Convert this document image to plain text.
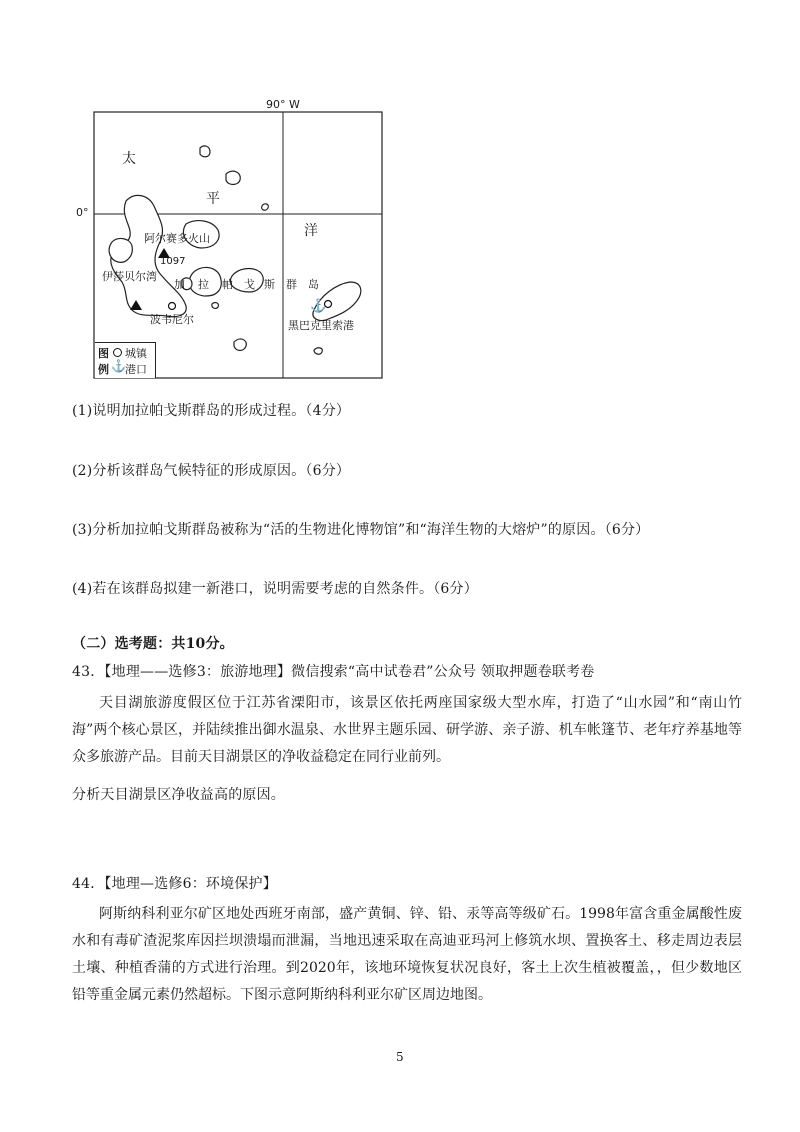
⚓
90° W
0°
太
平
洋
阿尔赛多火山
1097
伊莎贝尔湾
加 拉 帕 戈 斯 群 岛
波韦尼尔	黑巴克里索港
图 城镇
例 ⚓ 港口
(1)说明加拉帕戈斯群岛的形成过程。（4分）
(2)分析该群岛气候特征的形成原因。（6分）
(3)分析加拉帕戈斯群岛被称为“活的生物进化博物馆”和“海洋生物的大熔炉”的原因。（6分）
(4)若在该群岛拟建一新港口，说明需要考虑的自然条件。（6分）
（二）选考题：共10分。
43．【地理——选修3：旅游地理】微信搜索“高中试卷君”公众号 领取押题卷联考卷
天目湖旅游度假区位于江苏省溧阳市，该景区依托两座国家级大型水库，打造了“山水园”和“南山竹海”两个核心景区，并陆续推出御水温泉、水世界主题乐园、研学游、亲子游、机车帐篷节、老年疗养基地等众多旅游产品。目前天目湖景区的净收益稳定在同行业前列。
分析天目湖景区净收益高的原因。
44．【地理—选修6：环境保护】
阿斯纳科利亚尔矿区地处西班牙南部，盛产黄铜、锌、铅、汞等高等级矿石。1998年富含重金属酸性废水和有毒矿渣泥浆库因拦坝溃塌而泄漏，当地迅速采取在高迪亚玛河上修筑水坝、置换客土、移走周边表层土壤、种植香蒲的方式进行治理。到2020年，该地环境恢复状况良好，客土上次生植被覆盖，，但少数地区铅等重金属元素仍然超标。下图示意阿斯纳科利亚尔矿区周边地图。
5
